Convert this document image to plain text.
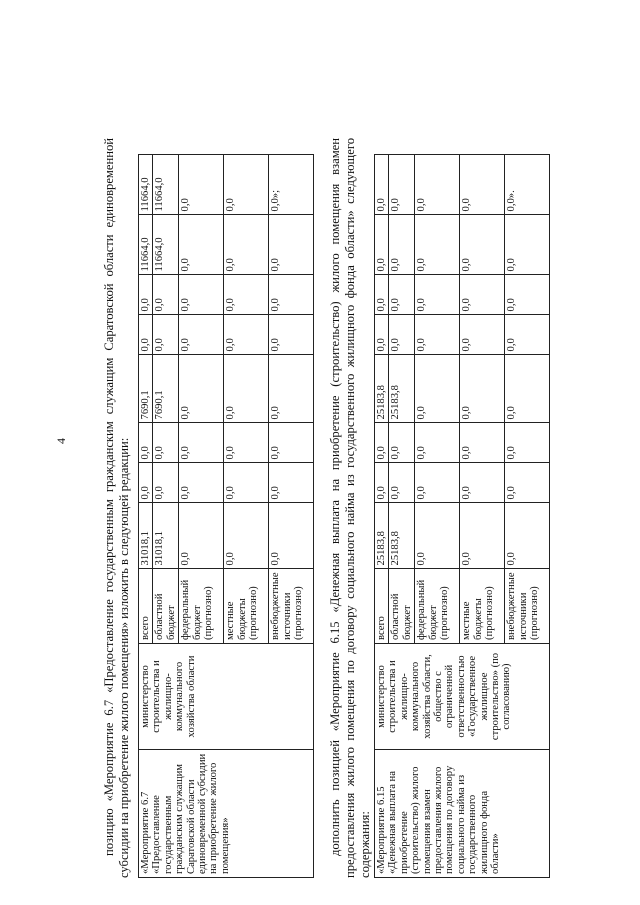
4	позицию «Мероприятие 6.7 «Предоставление государственным гражданским служащим Саратовской области единовременной субсидии на приобретение жилого помещения» изложить в следующей редакции: «Мероприятие 6.7 «Предоставление государственным гражданским служащим Саратовской области единовременной субсидии на приобретение жилого помещения»	министерство строительства и жилищно-коммунального хозяйства области	всего	31018,1	0,0	0,0	7690,1	0,0	0,0	11664,0	11664,0
		областной бюджет	31018,1	0,0	0,0	7690,1	0,0	0,0	11664,0	11664,0
		федеральный бюджет (прогнозно)	0,0	0,0	0,0	0,0	0,0	0,0	0,0	0,0
		местные бюджеты (прогнозно)	0,0	0,0	0,0	0,0	0,0	0,0	0,0	0,0
		внебюджетные источники (прогнозно)	0,0	0,0	0,0	0,0	0,0	0,0	0,0	0,0»;	дополнить позицией «Мероприятие 6.15 «Денежная выплата на приобретение (строительство) жилого помещения взамен предоставления жилого помещения по договору социального найма из государственного жилищного фонда области» следующего содержания: «Мероприятие 6.15 «Денежная выплата на приобретение (строительство) жилого помещения взамен предоставления жилого помещения по договору социального найма из государственного жилищного фонда области»	министерство строительства и жилищно-коммунального хозяйства области, общество с ограниченной ответственностью «Государственное жилищное строительство» (по согласованию)	всего	25183,8	0,0	0,0	25183,8	0,0	0,0	0,0	0,0
		областной бюджет	25183,8	0,0	0,0	25183,8	0,0	0,0	0,0	0,0
		федеральный бюджет (прогнозно)	0,0	0,0	0,0	0,0	0,0	0,0	0,0	0,0
		местные бюджеты (прогнозно)	0,0	0,0	0,0	0,0	0,0	0,0	0,0	0,0
		внебюджетные источники (прогнозно)	0,0	0,0	0,0	0,0	0,0	0,0	0,0	0,0».
